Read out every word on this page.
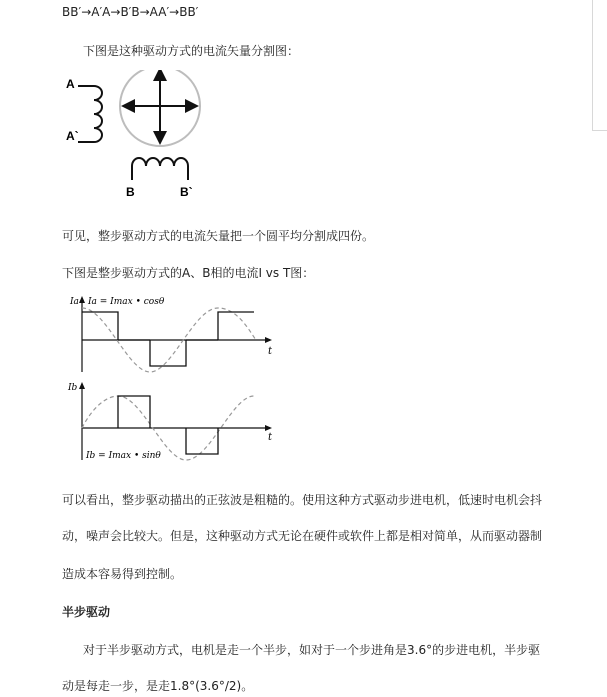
BB′→A′A→B′B→AA′→BB′
下图是这种驱动方式的电流矢量分割图：
A
A`
B	B`
可见，整步驱动方式的电流矢量把一个圆平均分割成四份。
下图是整步驱动方式的A、B相的电流I vs T图：
Ia Ia = Imax • cosθ
t
Ib
t
Ib = Imax • sinθ
可以看出，整步驱动描出的正弦波是粗糙的。使用这种方式驱动步进电机，低速时电机会抖
动，噪声会比较大。但是，这种驱动方式无论在硬件或软件上都是相对简单，从而驱动器制
造成本容易得到控制。
半步驱动
对于半步驱动方式，电机是走一个半步，如对于一个步进角是3.6°的步进电机，半步驱
动是每走一步，是走1.8°(3.6°/2)。
